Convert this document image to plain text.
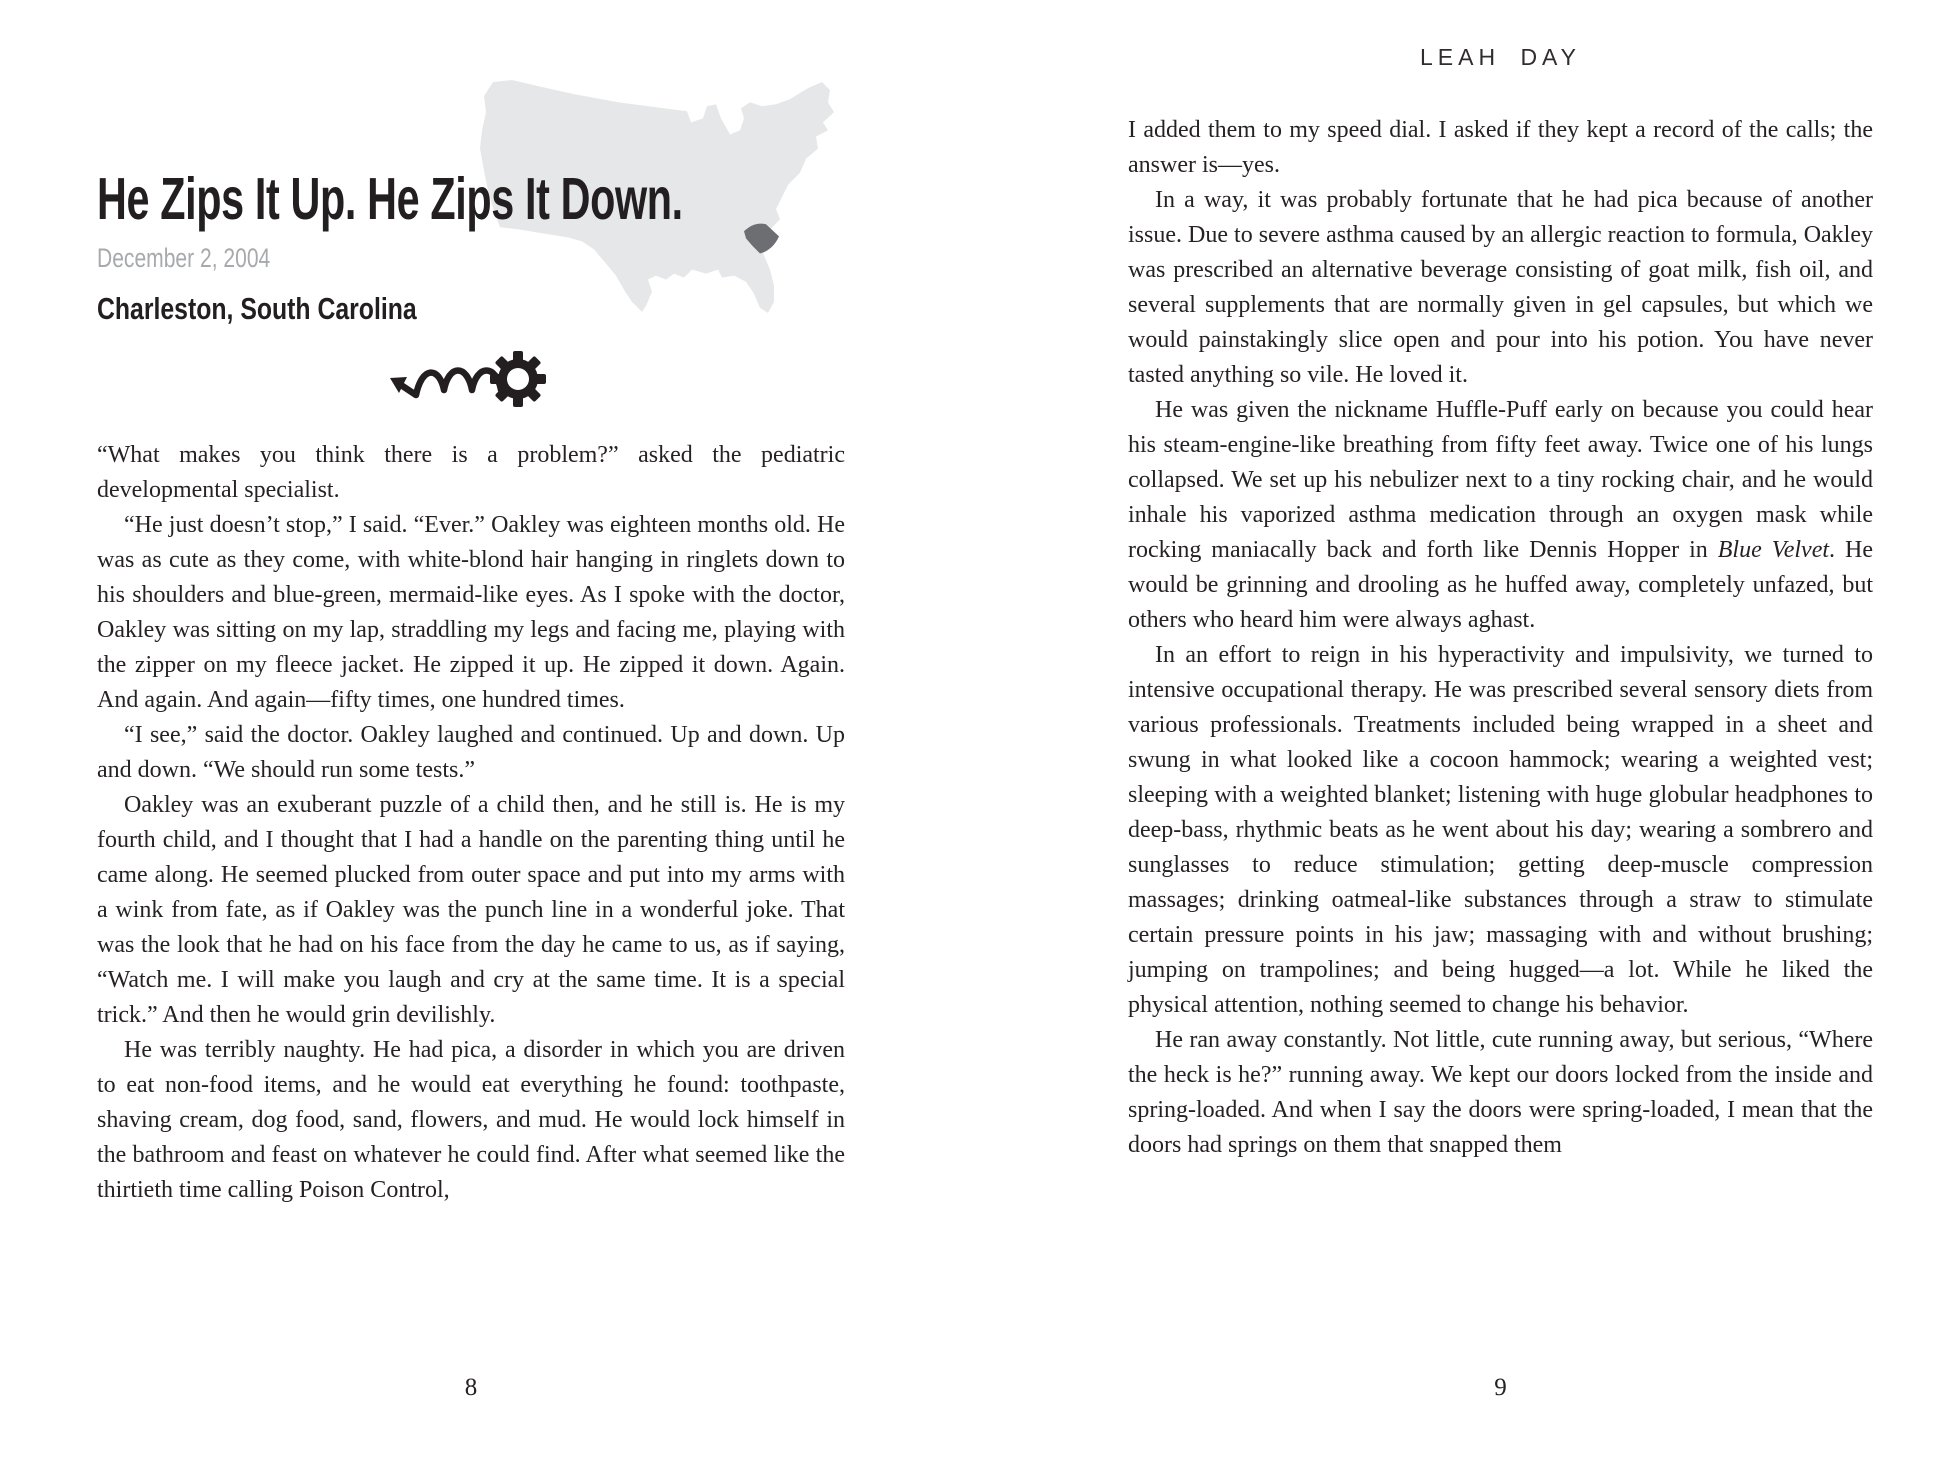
He Zips It Up. He Zips It Down.
December 2, 2004
Charleston, South Carolina

“What makes you think there is a problem?” asked the pediatric developmental specialist.

“He just doesn’t stop,” I said. “Ever.” Oakley was eighteen months old. He was as cute as they come, with white-blond hair hanging in ringlets down to his shoulders and blue-green, mermaid-like eyes. As I spoke with the doctor, Oakley was sitting on my lap, straddling my legs and facing me, playing with the zipper on my fleece jacket. He zipped it up. He zipped it down. Again. And again. And again—fifty times, one hundred times.

“I see,” said the doctor. Oakley laughed and continued. Up and down. Up and down. “We should run some tests.”

Oakley was an exuberant puzzle of a child then, and he still is. He is my fourth child, and I thought that I had a handle on the parenting thing until he came along. He seemed plucked from outer space and put into my arms with a wink from fate, as if Oakley was the punch line in a wonderful joke. That was the look that he had on his face from the day he came to us, as if saying, “Watch me. I will make you laugh and cry at the same time. It is a special trick.” And then he would grin devilishly.

He was terribly naughty. He had pica, a disorder in which you are driven to eat non-food items, and he would eat everything he found: toothpaste, shaving cream, dog food, sand, flowers, and mud. He would lock himself in the bathroom and feast on whatever he could find. After what seemed like the thirtieth time calling Poison Control,

8
LEAH DAY

I added them to my speed dial. I asked if they kept a record of the calls; the answer is—yes.

In a way, it was probably fortunate that he had pica because of another issue. Due to severe asthma caused by an allergic reaction to formula, Oakley was prescribed an alternative beverage consisting of goat milk, fish oil, and several supplements that are normally given in gel capsules, but which we would painstakingly slice open and pour into his potion. You have never tasted anything so vile. He loved it.

He was given the nickname Huffle-Puff early on because you could hear his steam-engine-like breathing from fifty feet away. Twice one of his lungs collapsed. We set up his nebulizer next to a tiny rocking chair, and he would inhale his vaporized asthma medication through an oxygen mask while rocking maniacally back and forth like Dennis Hopper in Blue Velvet. He would be grinning and drooling as he huffed away, completely unfazed, but others who heard him were always aghast.

In an effort to reign in his hyperactivity and impulsivity, we turned to intensive occupational therapy. He was prescribed several sensory diets from various professionals. Treatments included being wrapped in a sheet and swung in what looked like a cocoon hammock; wearing a weighted vest; sleeping with a weighted blanket; listening with huge globular headphones to deep-bass, rhythmic beats as he went about his day; wearing a sombrero and sunglasses to reduce stimulation; getting deep-muscle compression massages; drinking oatmeal-like substances through a straw to stimulate certain pressure points in his jaw; massaging with and without brushing; jumping on trampolines; and being hugged—a lot. While he liked the physical attention, nothing seemed to change his behavior.

He ran away constantly. Not little, cute running away, but serious, “Where the heck is he?” running away. We kept our doors locked from the inside and spring-loaded. And when I say the doors were spring-loaded, I mean that the doors had springs on them that snapped them

9
